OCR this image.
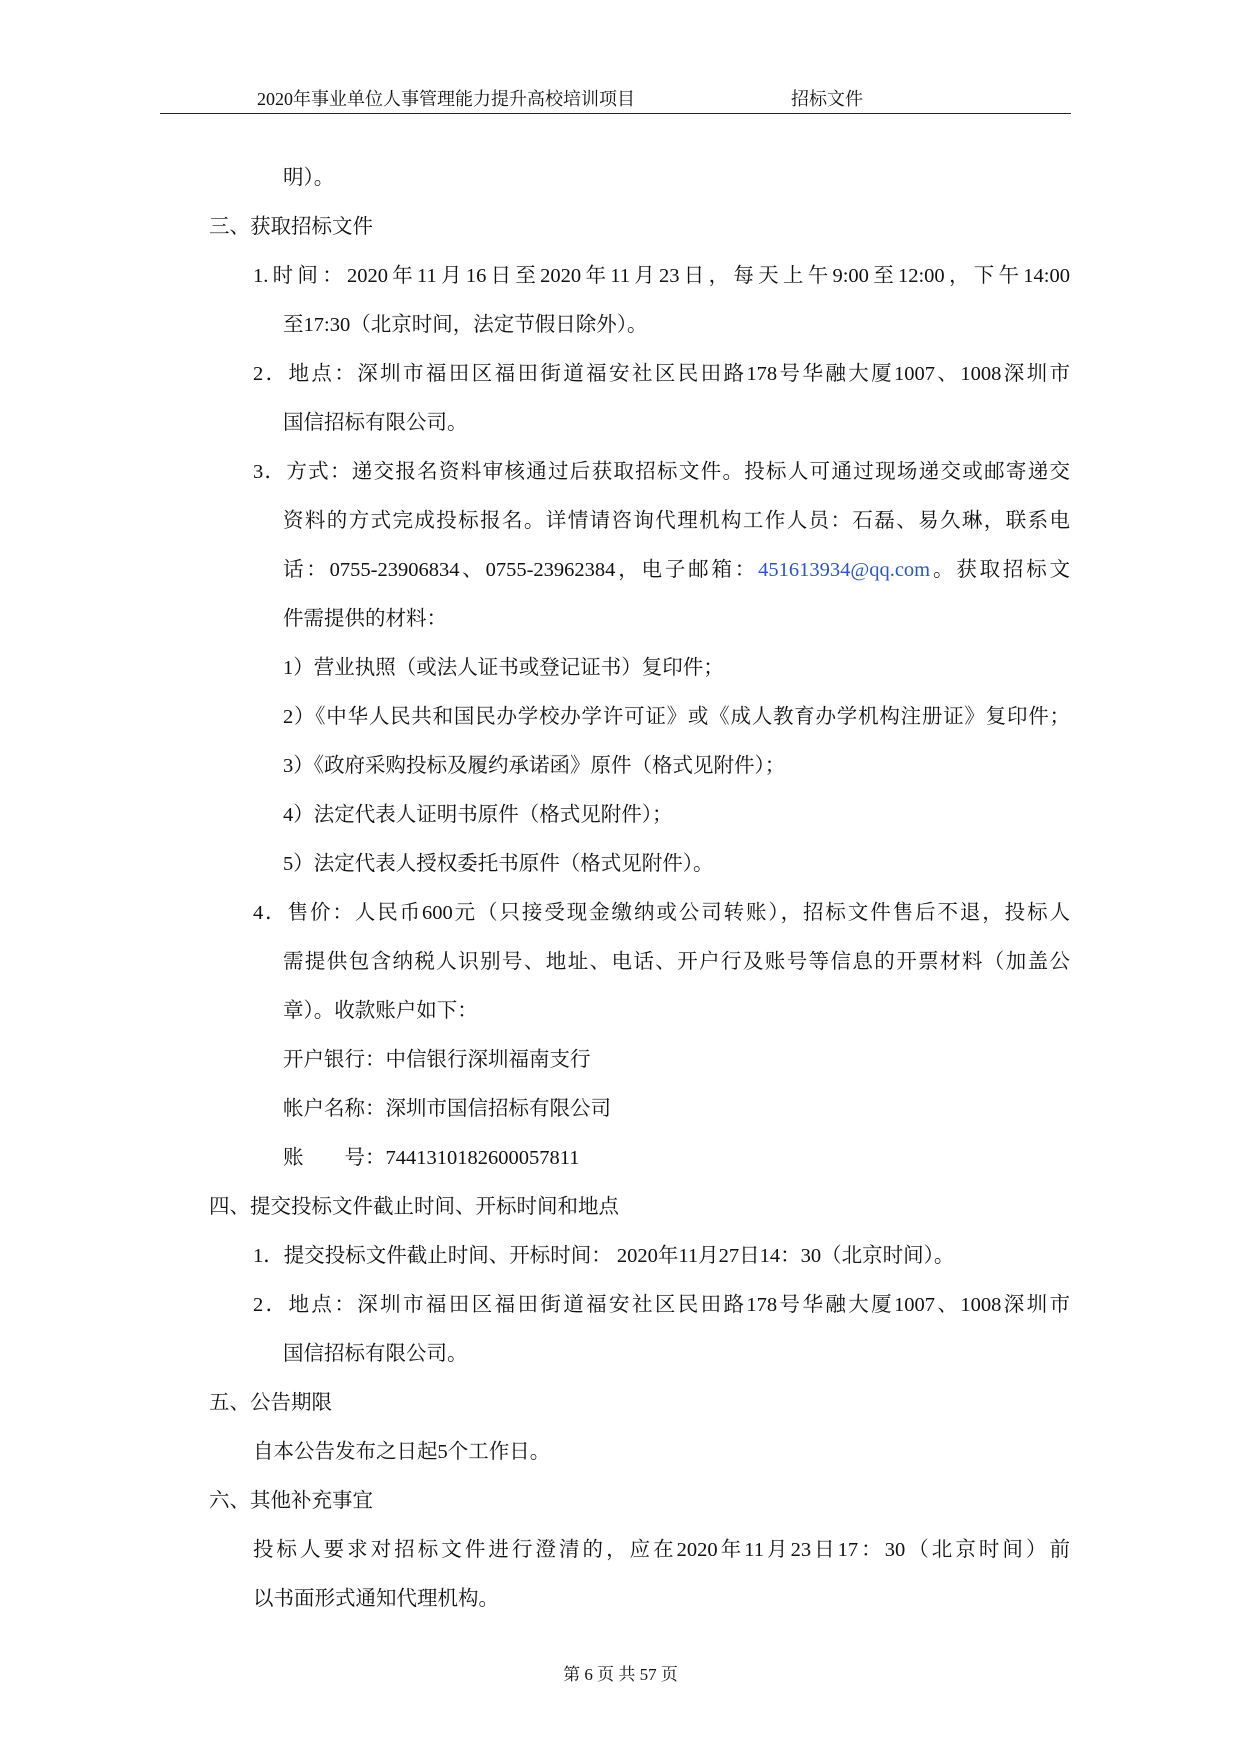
2020年事业单位人事管理能力提升高校培训项目	招标文件
明）。
三、获取招标文件
1.时间：2020年11月16日至2020年11月23日，每天上午9:00至12:00，下午14:00
至17:30（北京时间，法定节假日除外）。
2．地点：深圳市福田区福田街道福安社区民田路178号华融大厦1007、1008深圳市
国信招标有限公司。
3．方式：递交报名资料审核通过后获取招标文件。投标人可通过现场递交或邮寄递交
资料的方式完成投标报名。详情请咨询代理机构工作人员：石磊、易久琳，联系电
话：0755-23906834、0755-23962384，电子邮箱：451613934@qq.com。获取招标文
件需提供的材料：
1）营业执照（或法人证书或登记证书）复印件；
2）《中华人民共和国民办学校办学许可证》或《成人教育办学机构注册证》复印件；
3）《政府采购投标及履约承诺函》原件（格式见附件）；
4）法定代表人证明书原件（格式见附件）；
5）法定代表人授权委托书原件（格式见附件）。
4．售价：人民币600元（只接受现金缴纳或公司转账），招标文件售后不退，投标人
需提供包含纳税人识别号、地址、电话、开户行及账号等信息的开票材料（加盖公
章）。收款账户如下：
开户银行：中信银行深圳福南支行
帐户名称：深圳市国信招标有限公司
账　　号：7441310182600057811
四、提交投标文件截止时间、开标时间和地点
1．提交投标文件截止时间、开标时间： 2020年11月27日14：30（北京时间）。
2．地点：深圳市福田区福田街道福安社区民田路178号华融大厦1007、1008深圳市
国信招标有限公司。
五、公告期限
自本公告发布之日起5个工作日。
六、其他补充事宜
投标人要求对招标文件进行澄清的，应在2020年11月23日17：30（北京时间）前
以书面形式通知代理机构。
第 6 页 共 57 页
